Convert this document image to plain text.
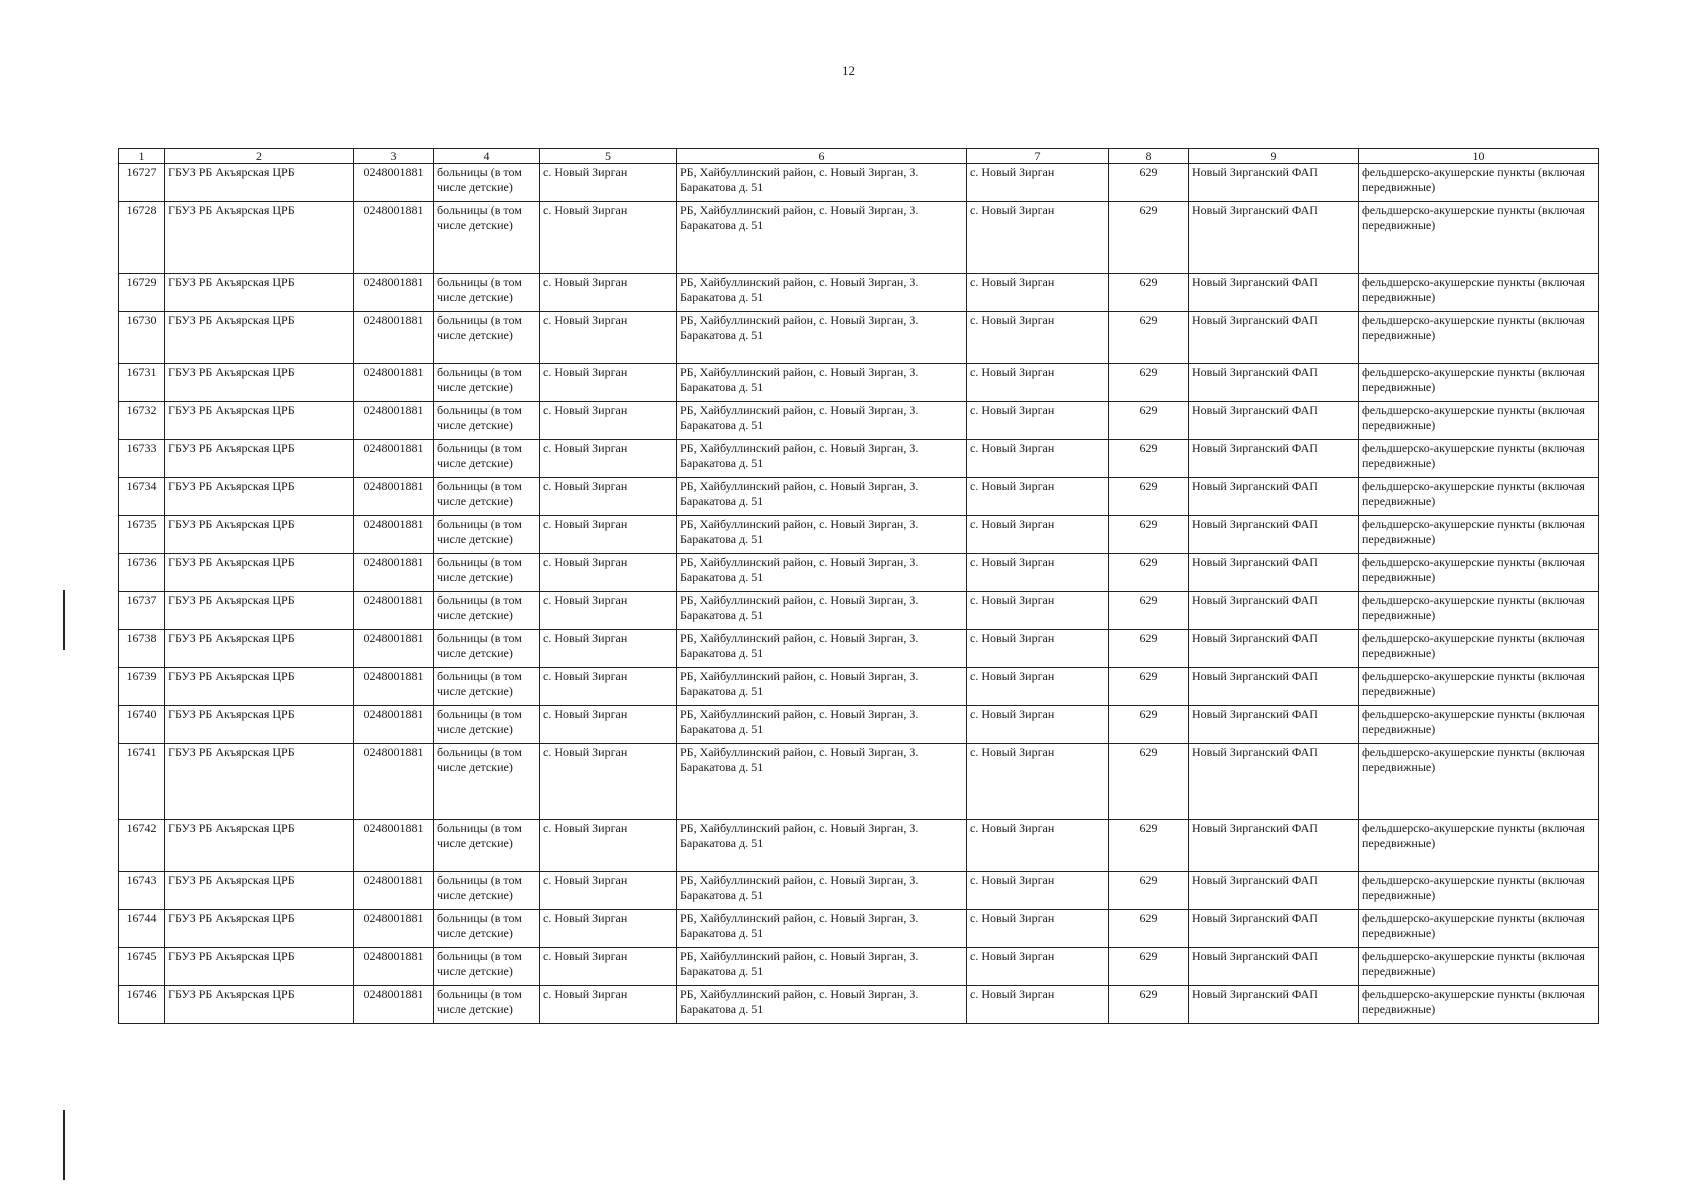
12
1	2	3	4	5	6	7	8	9	10
16727	ГБУЗ РБ Акъярская ЦРБ	0248001881	больницы (в том числе детские)	с. Новый Зирган	РБ, Хайбуллинский район, с. Новый Зирган, З. Баракатова д. 51	с. Новый Зирган	629	Новый Зирганский ФАП	фельдшерско-акушерские пункты (включая передвижные)
16728	ГБУЗ РБ Акъярская ЦРБ	0248001881	больницы (в том числе детские)	с. Новый Зирган	РБ, Хайбуллинский район, с. Новый Зирган, З. Баракатова д. 51	с. Новый Зирган	629	Новый Зирганский ФАП	фельдшерско-акушерские пункты (включая передвижные)
16729	ГБУЗ РБ Акъярская ЦРБ	0248001881	больницы (в том числе детские)	с. Новый Зирган	РБ, Хайбуллинский район, с. Новый Зирган, З. Баракатова д. 51	с. Новый Зирган	629	Новый Зирганский ФАП	фельдшерско-акушерские пункты (включая передвижные)
16730	ГБУЗ РБ Акъярская ЦРБ	0248001881	больницы (в том числе детские)	с. Новый Зирган	РБ, Хайбуллинский район, с. Новый Зирган, З. Баракатова д. 51	с. Новый Зирган	629	Новый Зирганский ФАП	фельдшерско-акушерские пункты (включая передвижные)
16731	ГБУЗ РБ Акъярская ЦРБ	0248001881	больницы (в том числе детские)	с. Новый Зирган	РБ, Хайбуллинский район, с. Новый Зирган, З. Баракатова д. 51	с. Новый Зирган	629	Новый Зирганский ФАП	фельдшерско-акушерские пункты (включая передвижные)
16732	ГБУЗ РБ Акъярская ЦРБ	0248001881	больницы (в том числе детские)	с. Новый Зирган	РБ, Хайбуллинский район, с. Новый Зирган, З. Баракатова д. 51	с. Новый Зирган	629	Новый Зирганский ФАП	фельдшерско-акушерские пункты (включая передвижные)
16733	ГБУЗ РБ Акъярская ЦРБ	0248001881	больницы (в том числе детские)	с. Новый Зирган	РБ, Хайбуллинский район, с. Новый Зирган, З. Баракатова д. 51	с. Новый Зирган	629	Новый Зирганский ФАП	фельдшерско-акушерские пункты (включая передвижные)
16734	ГБУЗ РБ Акъярская ЦРБ	0248001881	больницы (в том числе детские)	с. Новый Зирган	РБ, Хайбуллинский район, с. Новый Зирган, З. Баракатова д. 51	с. Новый Зирган	629	Новый Зирганский ФАП	фельдшерско-акушерские пункты (включая передвижные)
16735	ГБУЗ РБ Акъярская ЦРБ	0248001881	больницы (в том числе детские)	с. Новый Зирган	РБ, Хайбуллинский район, с. Новый Зирган, З. Баракатова д. 51	с. Новый Зирган	629	Новый Зирганский ФАП	фельдшерско-акушерские пункты (включая передвижные)
16736	ГБУЗ РБ Акъярская ЦРБ	0248001881	больницы (в том числе детские)	с. Новый Зирган	РБ, Хайбуллинский район, с. Новый Зирган, З. Баракатова д. 51	с. Новый Зирган	629	Новый Зирганский ФАП	фельдшерско-акушерские пункты (включая передвижные)
16737	ГБУЗ РБ Акъярская ЦРБ	0248001881	больницы (в том числе детские)	с. Новый Зирган	РБ, Хайбуллинский район, с. Новый Зирган, З. Баракатова д. 51	с. Новый Зирган	629	Новый Зирганский ФАП	фельдшерско-акушерские пункты (включая передвижные)
16738	ГБУЗ РБ Акъярская ЦРБ	0248001881	больницы (в том числе детские)	с. Новый Зирган	РБ, Хайбуллинский район, с. Новый Зирган, З. Баракатова д. 51	с. Новый Зирган	629	Новый Зирганский ФАП	фельдшерско-акушерские пункты (включая передвижные)
16739	ГБУЗ РБ Акъярская ЦРБ	0248001881	больницы (в том числе детские)	с. Новый Зирган	РБ, Хайбуллинский район, с. Новый Зирган, З. Баракатова д. 51	с. Новый Зирган	629	Новый Зирганский ФАП	фельдшерско-акушерские пункты (включая передвижные)
16740	ГБУЗ РБ Акъярская ЦРБ	0248001881	больницы (в том числе детские)	с. Новый Зирган	РБ, Хайбуллинский район, с. Новый Зирган, З. Баракатова д. 51	с. Новый Зирган	629	Новый Зирганский ФАП	фельдшерско-акушерские пункты (включая передвижные)
16741	ГБУЗ РБ Акъярская ЦРБ	0248001881	больницы (в том числе детские)	с. Новый Зирган	РБ, Хайбуллинский район, с. Новый Зирган, З. Баракатова д. 51	с. Новый Зирган	629	Новый Зирганский ФАП	фельдшерско-акушерские пункты (включая передвижные)
16742	ГБУЗ РБ Акъярская ЦРБ	0248001881	больницы (в том числе детские)	с. Новый Зирган	РБ, Хайбуллинский район, с. Новый Зирган, З. Баракатова д. 51	с. Новый Зирган	629	Новый Зирганский ФАП	фельдшерско-акушерские пункты (включая передвижные)
16743	ГБУЗ РБ Акъярская ЦРБ	0248001881	больницы (в том числе детские)	с. Новый Зирган	РБ, Хайбуллинский район, с. Новый Зирган, З. Баракатова д. 51	с. Новый Зирган	629	Новый Зирганский ФАП	фельдшерско-акушерские пункты (включая передвижные)
16744	ГБУЗ РБ Акъярская ЦРБ	0248001881	больницы (в том числе детские)	с. Новый Зирган	РБ, Хайбуллинский район, с. Новый Зирган, З. Баракатова д. 51	с. Новый Зирган	629	Новый Зирганский ФАП	фельдшерско-акушерские пункты (включая передвижные)
16745	ГБУЗ РБ Акъярская ЦРБ	0248001881	больницы (в том числе детские)	с. Новый Зирган	РБ, Хайбуллинский район, с. Новый Зирган, З. Баракатова д. 51	с. Новый Зирган	629	Новый Зирганский ФАП	фельдшерско-акушерские пункты (включая передвижные)
16746	ГБУЗ РБ Акъярская ЦРБ	0248001881	больницы (в том числе детские)	с. Новый Зирган	РБ, Хайбуллинский район, с. Новый Зирган, З. Баракатова д. 51	с. Новый Зирган	629	Новый Зирганский ФАП	фельдшерско-акушерские пункты (включая передвижные)
